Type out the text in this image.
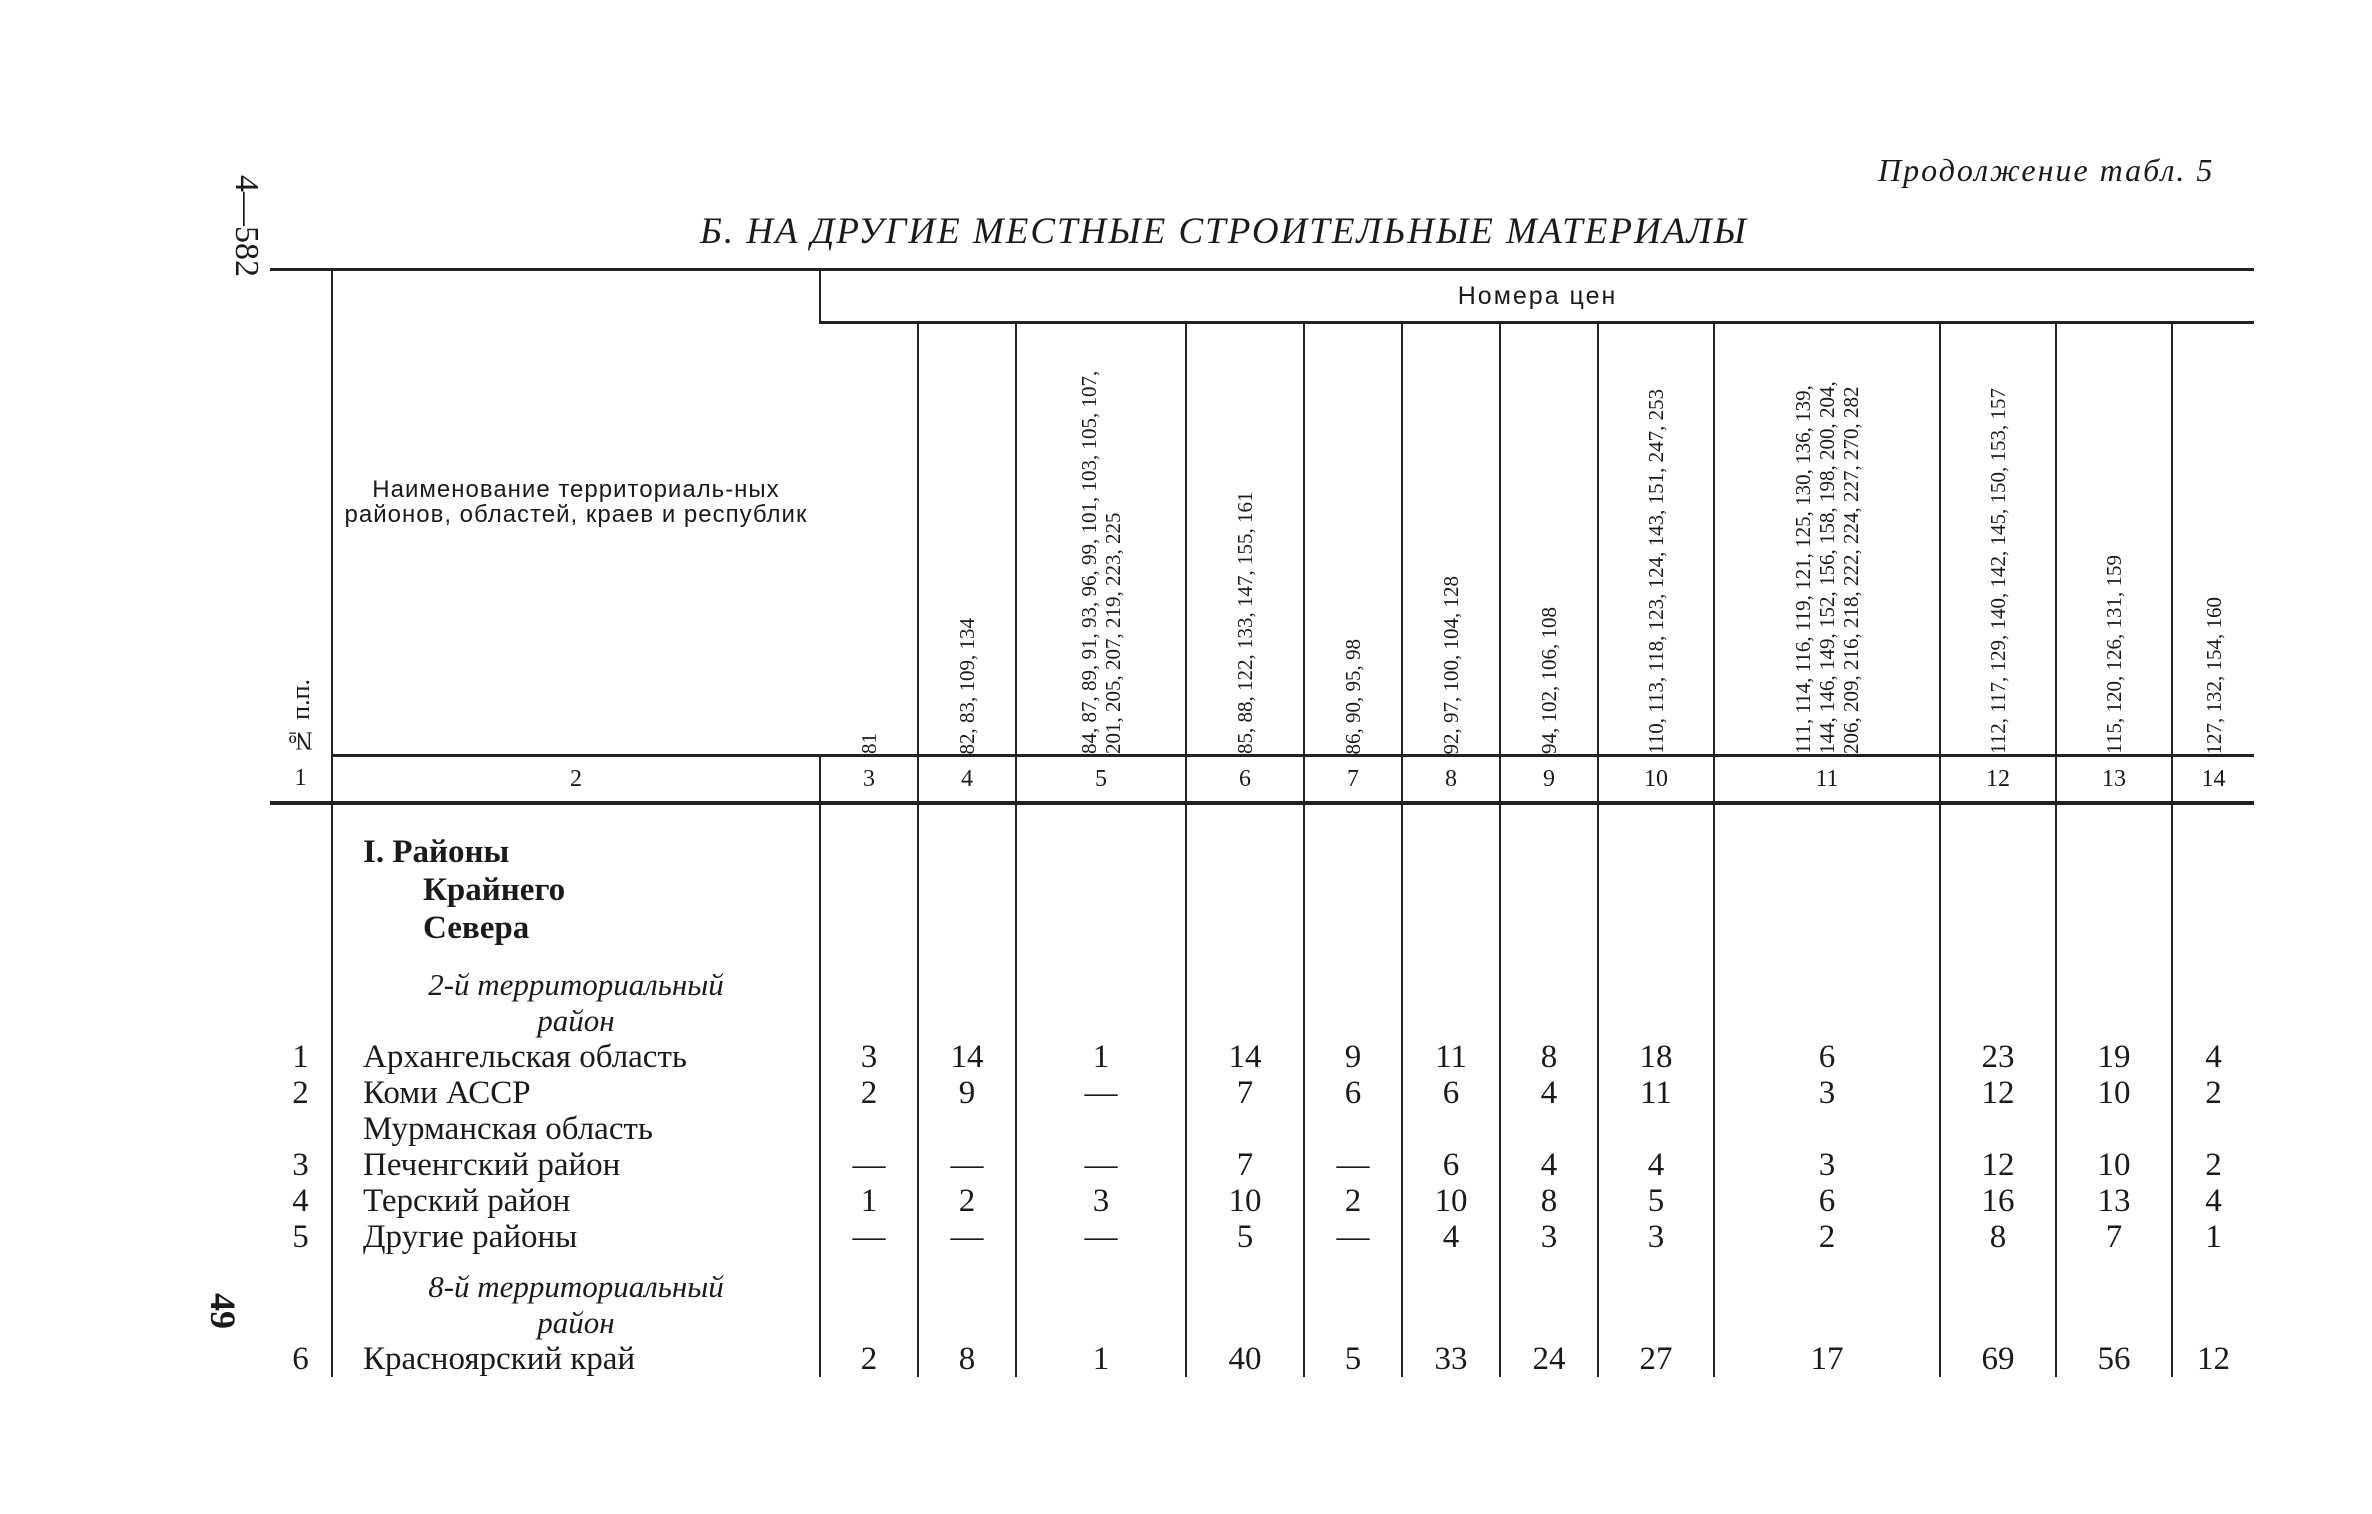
Продолжение табл. 5
Б. НА ДРУГИЕ МЕСТНЫЕ СТРОИТЕЛЬНЫЕ МАТЕРИАЛЫ
4—582
49
№ п.п.	Наименование территориаль-ных районов, областей, краев и республик	Номера цен											

		81	82, 83, 109, 134	84, 87, 89, 91, 93, 96, 99, 101, 103, 105, 107, 201, 205, 207, 219, 223, 225	85, 88, 122, 133, 147, 155, 161	86, 90, 95, 98	92, 97, 100, 104, 128	94, 102, 106, 108	110, 113, 118, 123, 124, 143, 151, 247, 253	111, 114, 116, 119, 121, 125, 130, 136, 139, 144, 146, 149, 152, 156, 158, 198, 200, 204, 206, 209, 216, 218, 222, 224, 227, 270, 282	112, 117, 129, 140, 142, 145, 150, 153, 157	115, 120, 126, 131, 159	127, 132, 154, 160

1	2	3	4	5	6	7	8	9	10	11	12	13	14

	I. Районы Крайнего Севера												
	2-й территориальный район												
1	Архангельская область	3	14	1	14	9	11	8	18	6	23	19	4
2	Коми АССР	2	9	—	7	6	6	4	11	3	12	10	2
	Мурманская область												
3	Печенгский район	—	—	—	7	—	6	4	4	3	12	10	2
4	Терский район	1	2	3	10	2	10	8	5	6	16	13	4
5	Другие районы	—	—	—	5	—	4	3	3	2	8	7	1
	8-й территориальный район												
6	Красноярский край	2	8	1	40	5	33	24	27	17	69	56	12
